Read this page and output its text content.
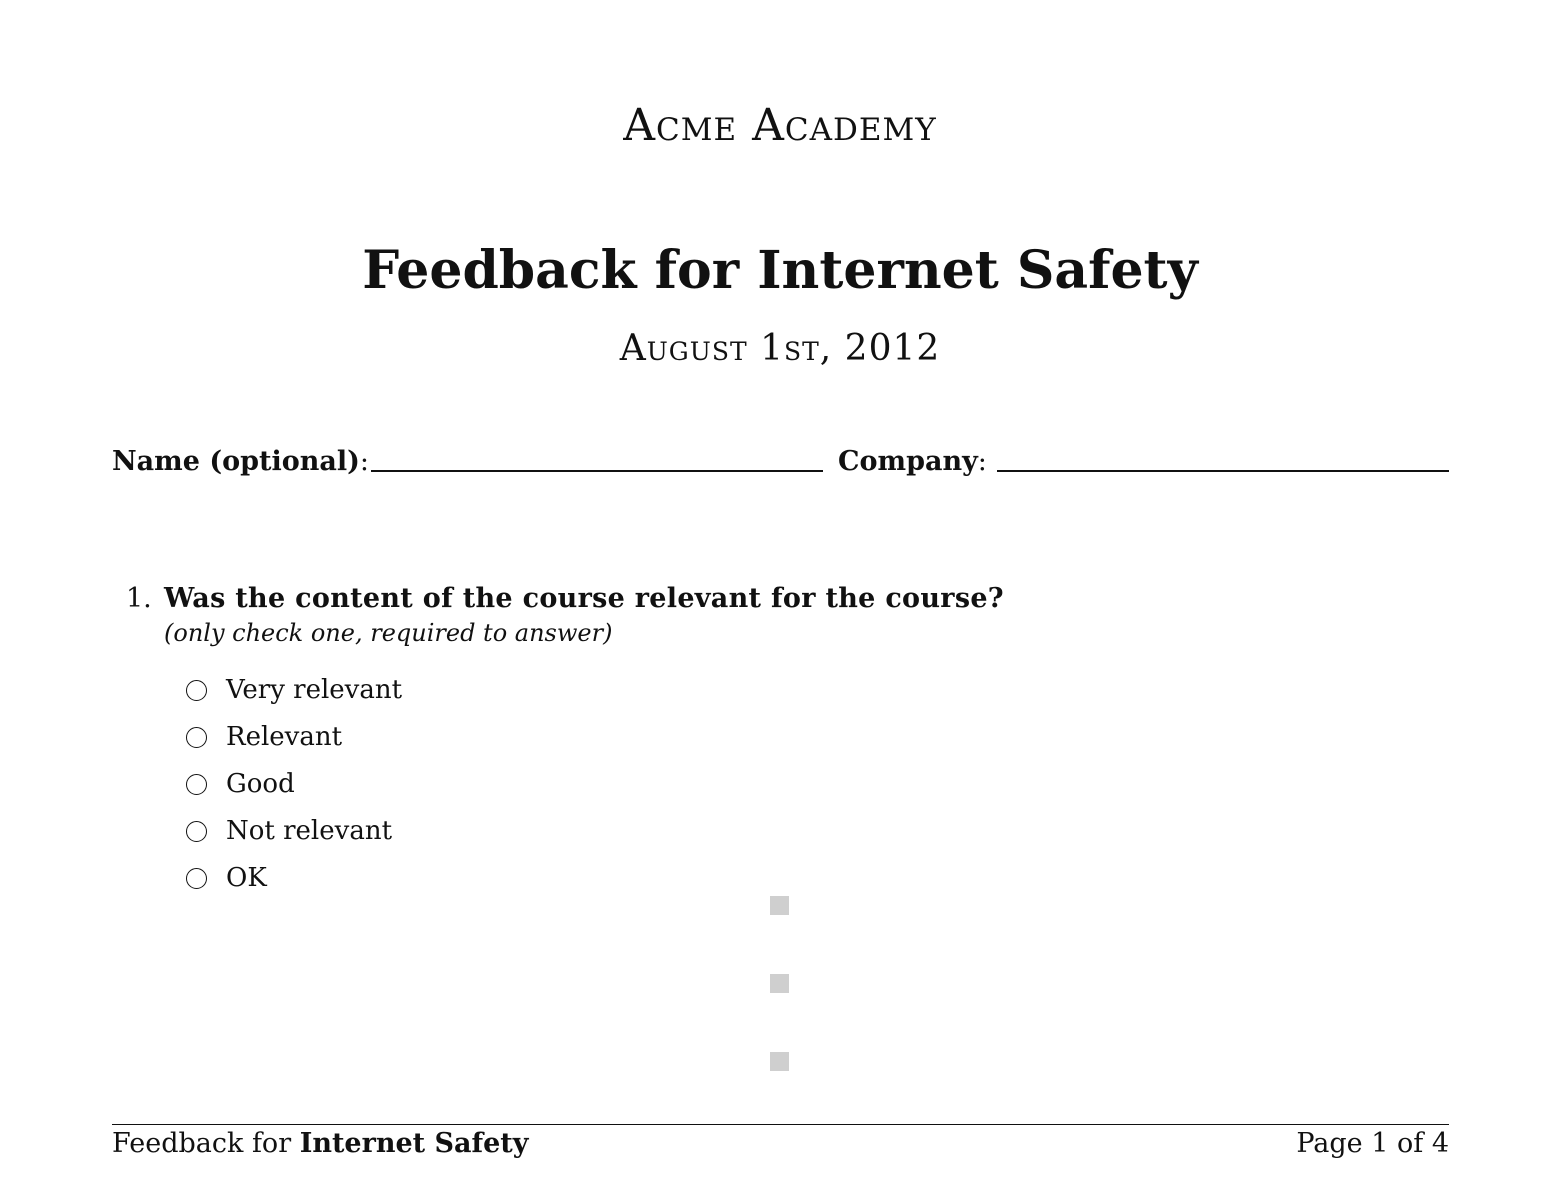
Acme Academy
Feedback for Internet Safety
August 1st, 2012
Name (optional):	Company:
1. Was the content of the course relevant for the course?
(only check one, required to answer)
Very relevant
Relevant
Good
Not relevant
OK
Feedback for Internet Safety	Page 1 of 4
